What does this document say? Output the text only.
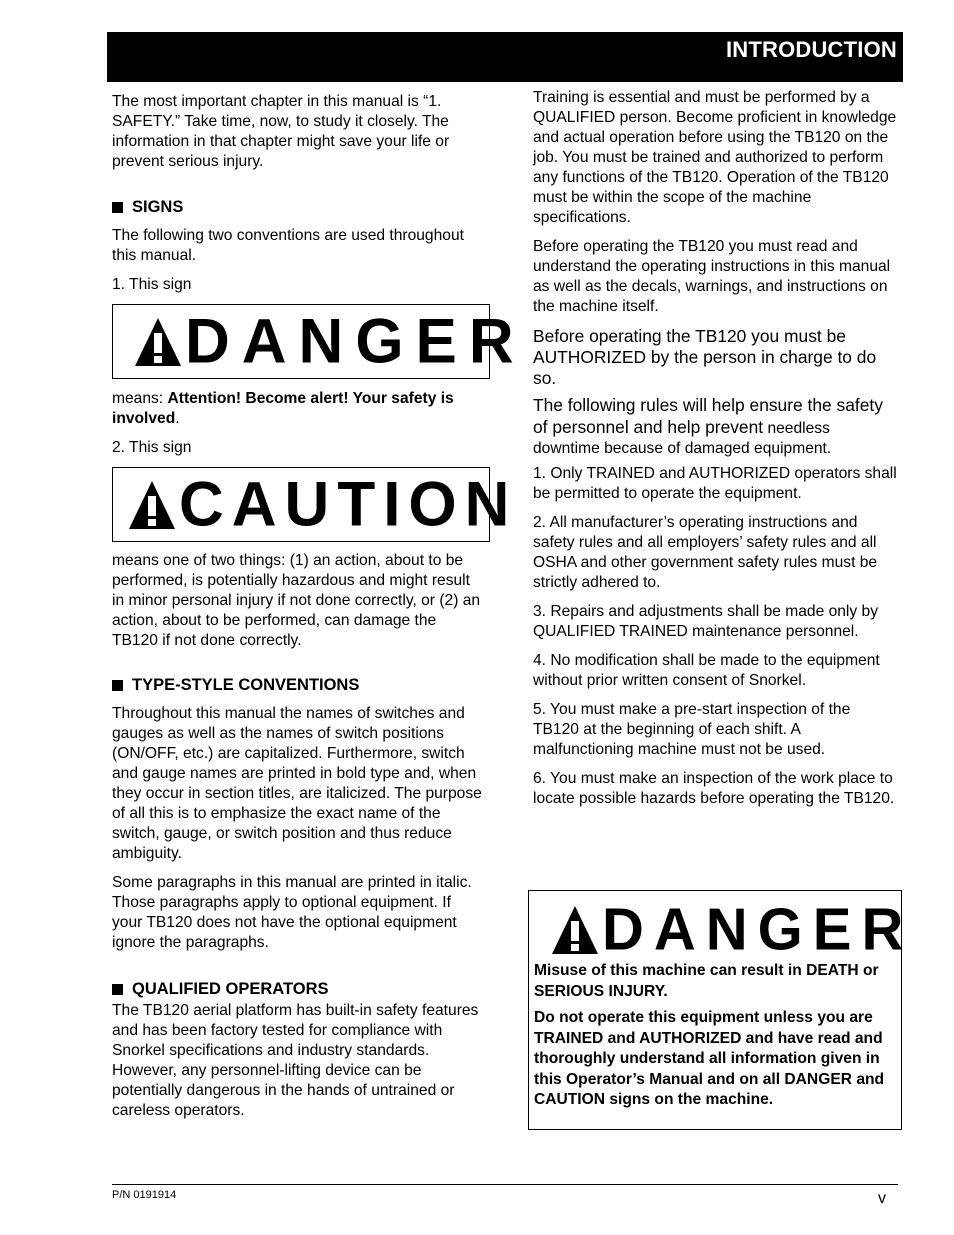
INTRODUCTION

The most important chapter in this manual is “1. SAFETY.” Take time, now, to study it closely. The information in that chapter might save your life or prevent serious injury.

SIGNS

The following two conventions are used throughout this manual.

1. This sign

DANGER

means: Attention! Become alert! Your safety is involved.

2. This sign

CAUTION

means one of two things: (1) an action, about to be performed, is potentially hazardous and might result in minor personal injury if not done correctly, or (2) an action, about to be performed, can damage the TB120 if not done correctly.

TYPE-STYLE CONVENTIONS

Throughout this manual the names of switches and gauges as well as the names of switch positions (ON/OFF, etc.) are capitalized. Furthermore, switch and gauge names are printed in bold type and, when they occur in section titles, are italicized. The purpose of all this is to emphasize the exact name of the switch, gauge, or switch position and thus reduce ambiguity.

Some paragraphs in this manual are printed in italic. Those paragraphs apply to optional equipment. If your TB120 does not have the optional equipment ignore the paragraphs.

QUALIFIED OPERATORS

The TB120 aerial platform has built-in safety features and has been factory tested for compliance with Snorkel specifications and industry standards. However, any personnel-lifting device can be potentially dangerous in the hands of untrained or careless operators.

Training is essential and must be performed by a QUALIFIED person. Become proficient in knowledge and actual operation before using the TB120 on the job. You must be trained and authorized to perform any functions of the TB120. Operation of the TB120 must be within the scope of the machine specifications.

Before operating the TB120 you must read and understand the operating instructions in this manual as well as the decals, warnings, and instructions on the machine itself.

Before operating the TB120 you must be AUTHORIZED by the person in charge to do so.

The following rules will help ensure the safety of personnel and help prevent needless downtime because of damaged equipment.

1. Only TRAINED and AUTHORIZED operators shall be permitted to operate the equipment.

2. All manufacturer’s operating instructions and safety rules and all employers’ safety rules and all OSHA and other government safety rules must be strictly adhered to.

3. Repairs and adjustments shall be made only by QUALIFIED TRAINED maintenance personnel.

4. No modification shall be made to the equipment without prior written consent of Snorkel.

5. You must make a pre-start inspection of the TB120 at the beginning of each shift. A malfunctioning machine must not be used.

6. You must make an inspection of the work place to locate possible hazards before operating the TB120.

DANGER

Misuse of this machine can result in DEATH or SERIOUS INJURY.

Do not operate this equipment unless you are TRAINED and AUTHORIZED and have read and thoroughly understand all information given in this Operator’s Manual and on all DANGER and CAUTION signs on the machine.

P/N 0191914	v
